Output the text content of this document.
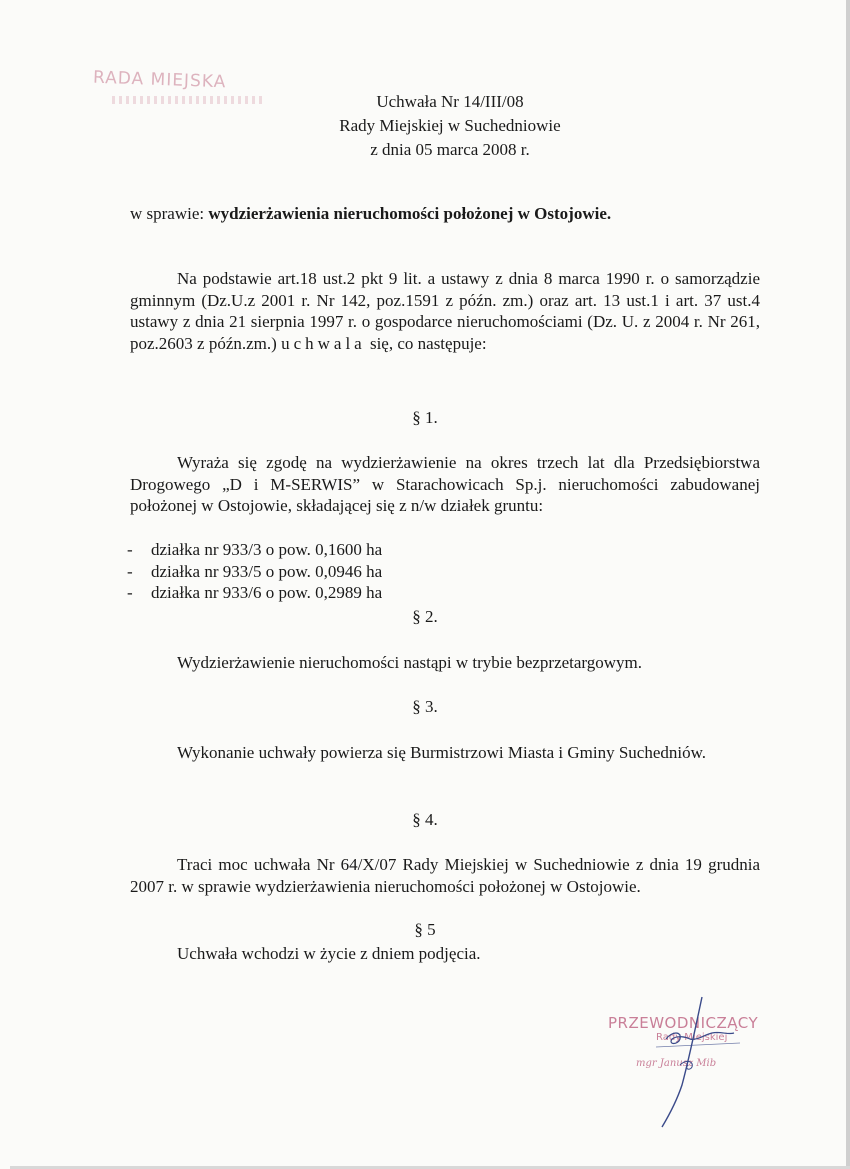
RADA MIEJSKA
Uchwała Nr 14/III/08
Rady Miejskiej w Suchedniowie
z dnia 05 marca 2008 r.
w sprawie: wydzierżawienia nieruchomości położonej w Ostojowie.
Na podstawie art.18 ust.2 pkt 9 lit. a ustawy z dnia 8 marca 1990 r. o samorządzie gminnym (Dz.U.z 2001 r. Nr 142, poz.1591 z późn. zm.) oraz art. 13 ust.1 i art. 37 ust.4 ustawy z dnia 21 sierpnia 1997 r. o gospodarce nieruchomościami (Dz. U. z 2004 r. Nr 261, poz.2603 z późn.zm.) uchwala się, co następuje:
§ 1.
Wyraża się zgodę na wydzierżawienie na okres trzech lat dla Przedsiębiorstwa Drogowego „D i M-SERWIS” w Starachowicach Sp.j. nieruchomości zabudowanej położonej w Ostojowie, składającej się z n/w działek gruntu:
-	działka nr 933/3 o pow. 0,1600 ha
-	działka nr 933/5 o pow. 0,0946 ha
-	działka nr 933/6 o pow. 0,2989 ha
§ 2.
Wydzierżawienie nieruchomości nastąpi w trybie bezprzetargowym.
§ 3.
Wykonanie uchwały powierza się Burmistrzowi Miasta i Gminy Suchedniów.
§ 4.
Traci moc uchwała Nr 64/X/07 Rady Miejskiej w Suchedniowie z dnia 19 grudnia 2007 r. w sprawie wydzierżawienia nieruchomości położonej w Ostojowie.
§ 5
Uchwała wchodzi w życie z dniem podjęcia.
PRZEWODNICZĄCY
Rady Miejskiej
mgr Janusz Mib
